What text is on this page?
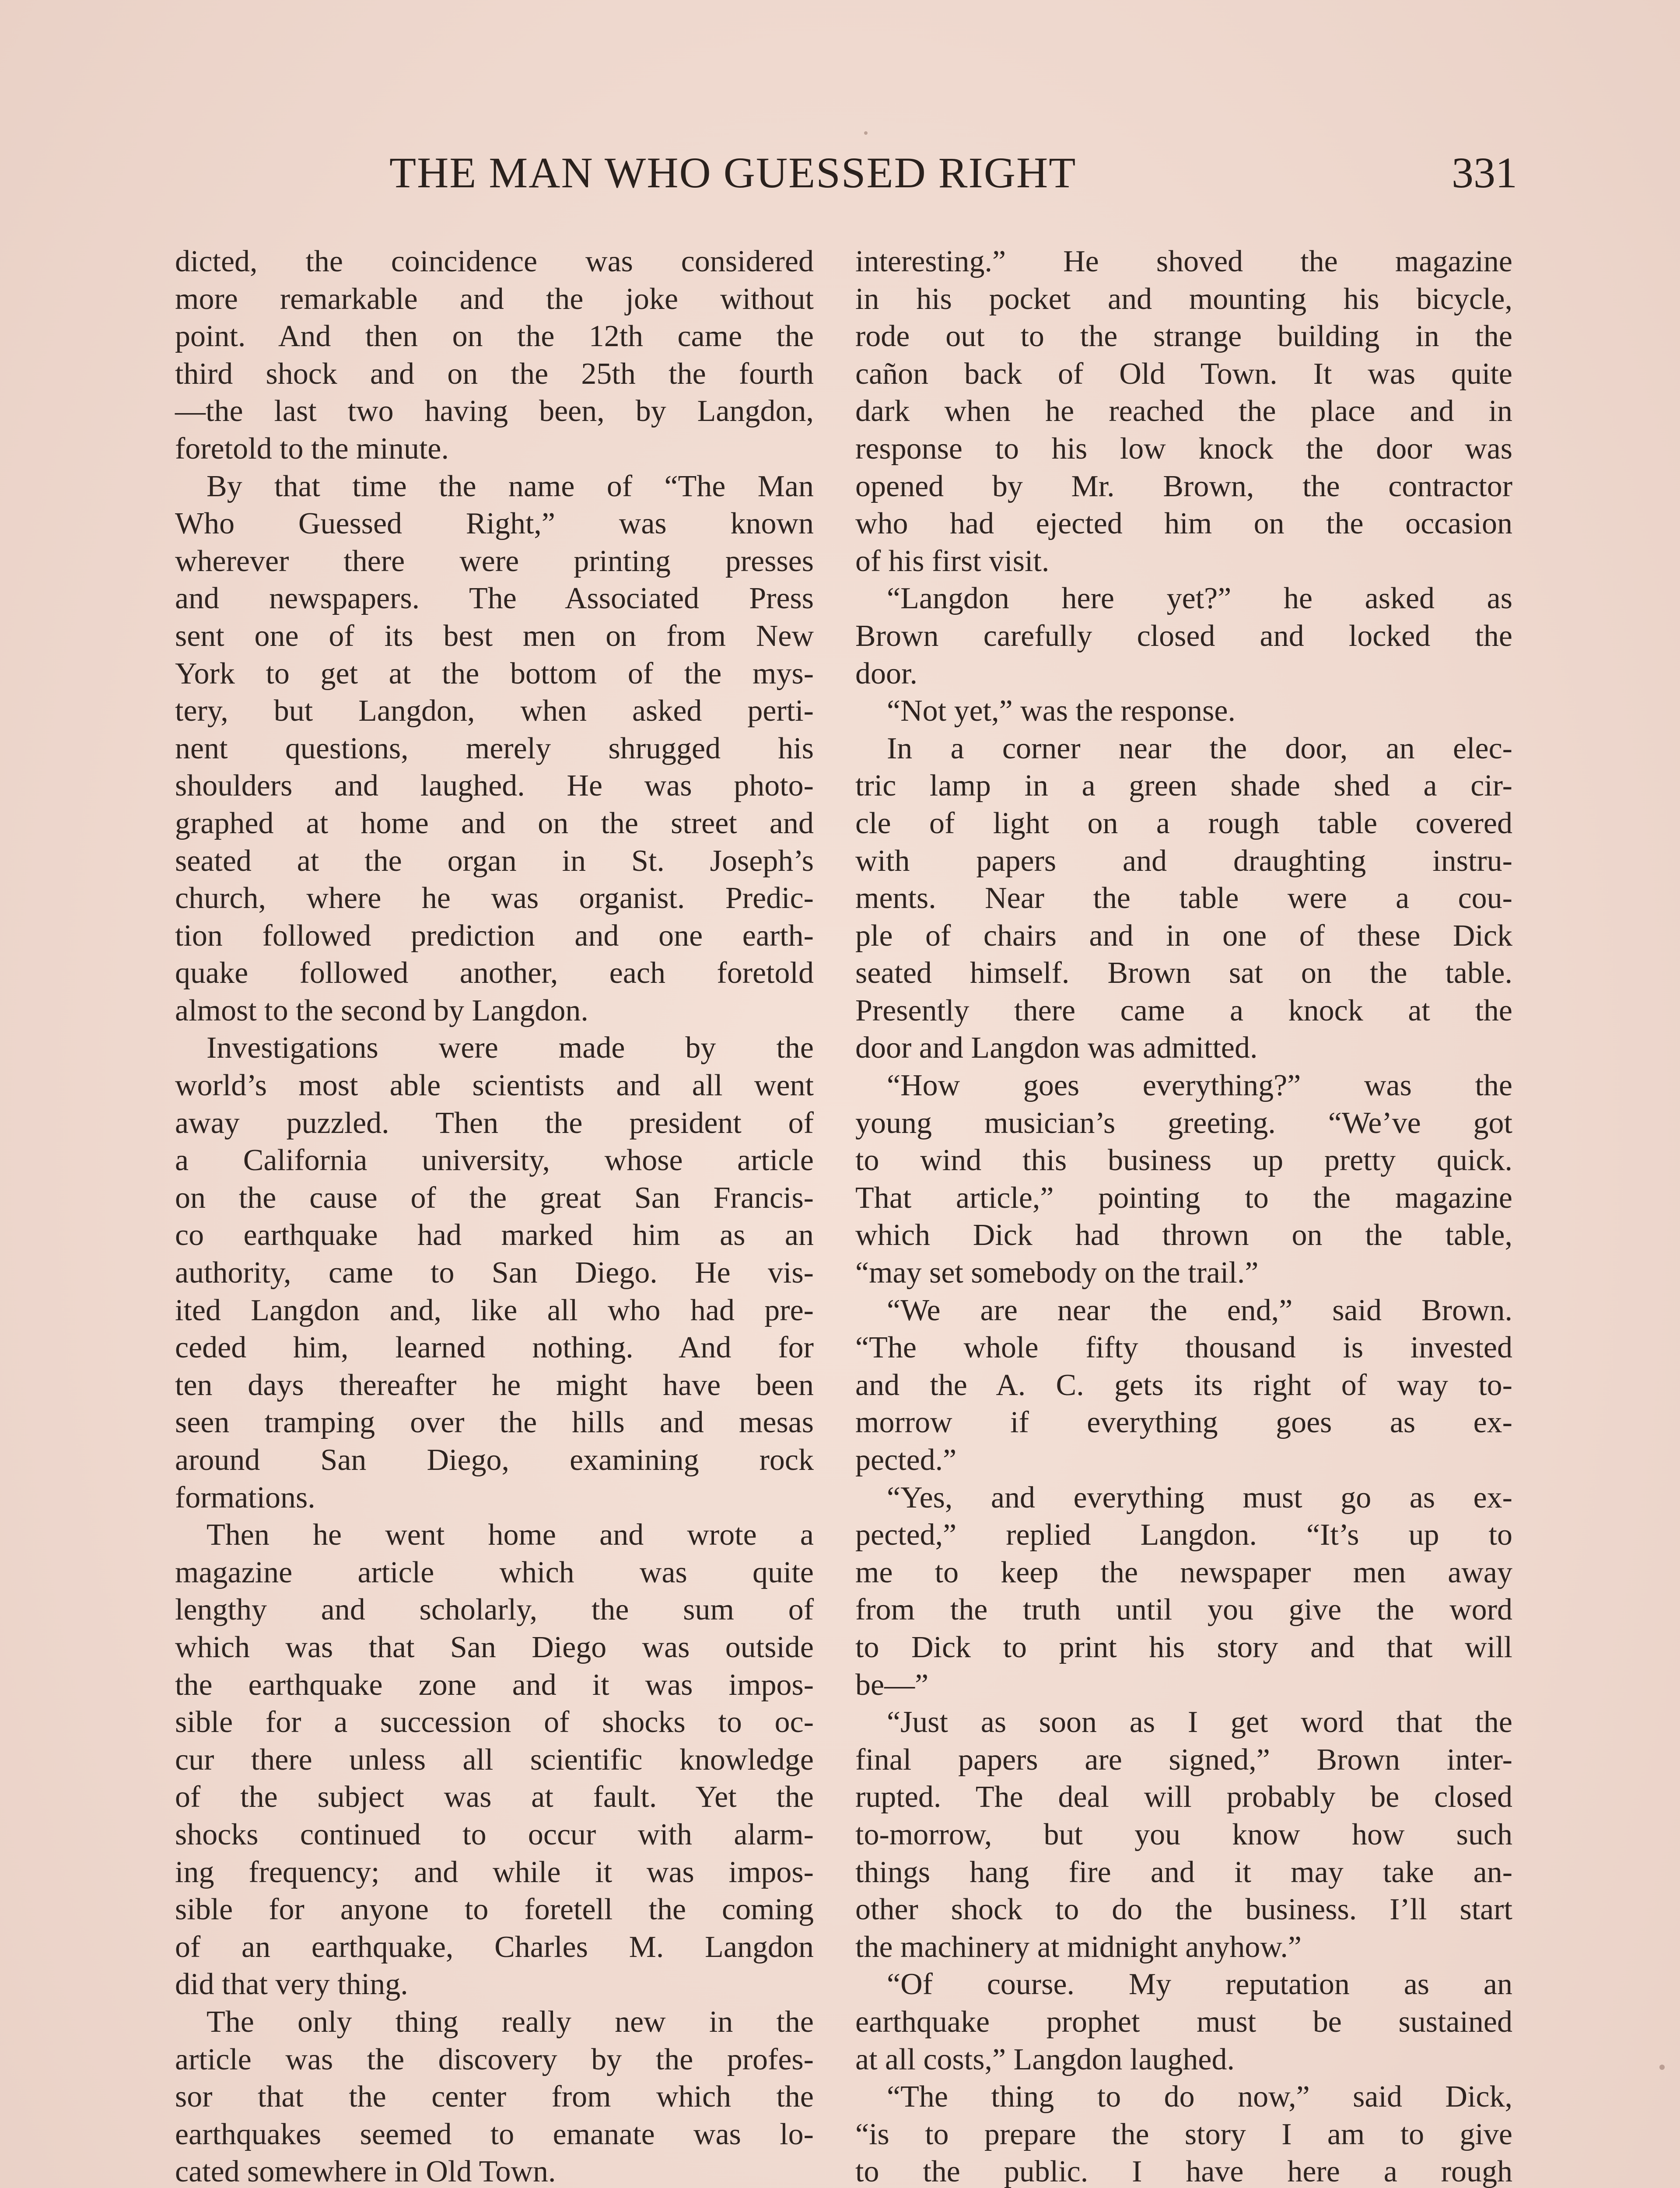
THE MAN WHO GUESSED RIGHT	331
dicted, the coincidence was considered
more remarkable and the joke without
point. And then on the 12th came the
third shock and on the 25th the fourth
—the last two having been, by Langdon,
foretold to the minute.
By that time the name of “The Man
Who Guessed Right,” was known
wherever there were printing presses
and newspapers. The Associated Press
sent one of its best men on from New
York to get at the bottom of the mys-
tery, but Langdon, when asked perti-
nent questions, merely shrugged his
shoulders and laughed. He was photo-
graphed at home and on the street and
seated at the organ in St. Joseph’s
church, where he was organist. Predic-
tion followed prediction and one earth-
quake followed another, each foretold
almost to the second by Langdon.
Investigations were made by the
world’s most able scientists and all went
away puzzled. Then the president of
a California university, whose article
on the cause of the great San Francis-
co earthquake had marked him as an
authority, came to San Diego. He vis-
ited Langdon and, like all who had pre-
ceded him, learned nothing. And for
ten days thereafter he might have been
seen tramping over the hills and mesas
around San Diego, examining rock
formations.
Then he went home and wrote a
magazine article which was quite
lengthy and scholarly, the sum of
which was that San Diego was outside
the earthquake zone and it was impos-
sible for a succession of shocks to oc-
cur there unless all scientific knowledge
of the subject was at fault. Yet the
shocks continued to occur with alarm-
ing frequency; and while it was impos-
sible for anyone to foretell the coming
of an earthquake, Charles M. Langdon
did that very thing.
The only thing really new in the
article was the discovery by the profes-
sor that the center from which the
earthquakes seemed to emanate was lo-
cated somewhere in Old Town.
interesting.” He shoved the magazine
in his pocket and mounting his bicycle,
rode out to the strange building in the
cañon back of Old Town. It was quite
dark when he reached the place and in
response to his low knock the door was
opened by Mr. Brown, the contractor
who had ejected him on the occasion
of his first visit.
“Langdon here yet?” he asked as
Brown carefully closed and locked the
door.
“Not yet,” was the response.
In a corner near the door, an elec-
tric lamp in a green shade shed a cir-
cle of light on a rough table covered
with papers and draughting instru-
ments. Near the table were a cou-
ple of chairs and in one of these Dick
seated himself. Brown sat on the table.
Presently there came a knock at the
door and Langdon was admitted.
“How goes everything?” was the
young musician’s greeting. “We’ve got
to wind this business up pretty quick.
That article,” pointing to the magazine
which Dick had thrown on the table,
“may set somebody on the trail.”
“We are near the end,” said Brown.
“The whole fifty thousand is invested
and the A. C. gets its right of way to-
morrow if everything goes as ex-
pected.”
“Yes, and everything must go as ex-
pected,” replied Langdon. “It’s up to
me to keep the newspaper men away
from the truth until you give the word
to Dick to print his story and that will
be—”
“Just as soon as I get word that the
final papers are signed,” Brown inter-
rupted. The deal will probably be closed
to-morrow, but you know how such
things hang fire and it may take an-
other shock to do the business. I’ll start
the machinery at midnight anyhow.”
“Of course. My reputation as an
earthquake prophet must be sustained
at all costs,” Langdon laughed.
“The thing to do now,” said Dick,
“is to prepare the story I am to give
to the public. I have here a rough
